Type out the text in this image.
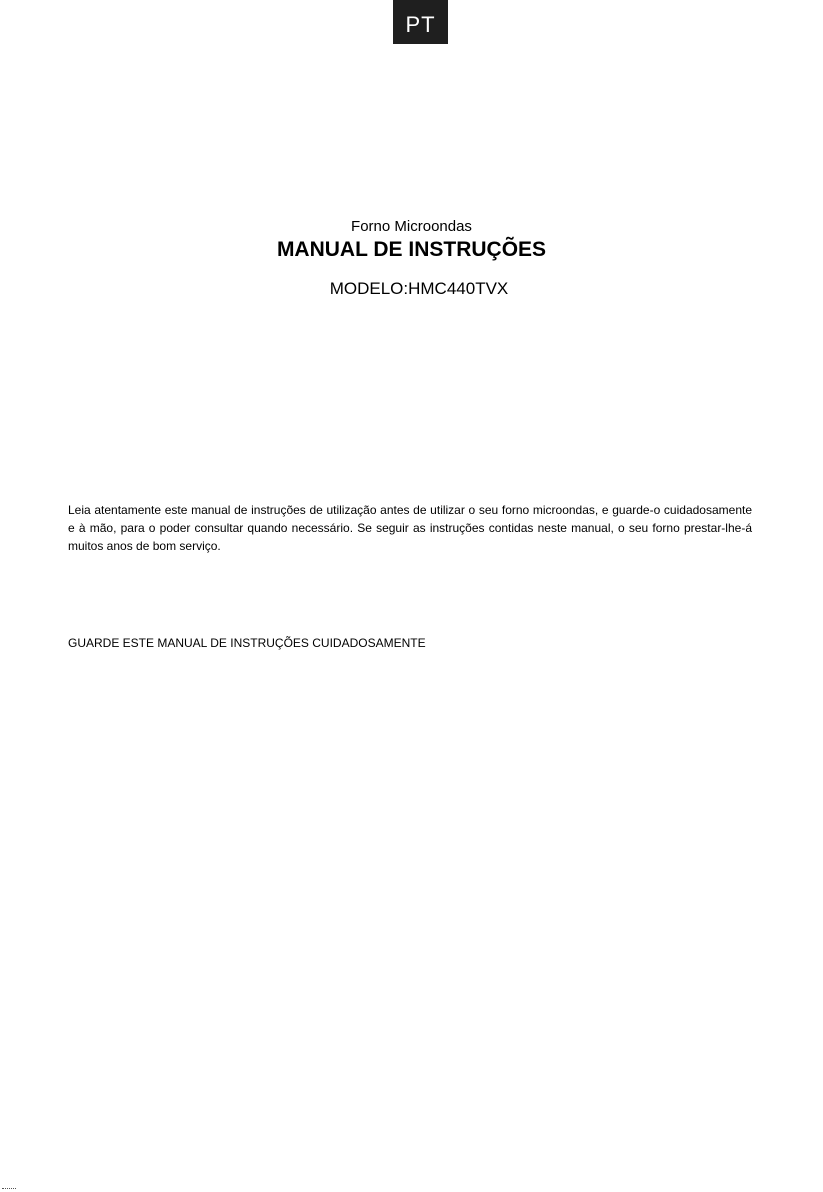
PT
Forno Microondas
MANUAL DE INSTRUÇÕES
MODELO:HMC440TVX

Leia atentamente este manual de instruções de utilização antes de utilizar o seu forno microondas, e guarde-o cuidadosamente e à mão, para o poder consultar quando necessário. Se seguir as instruções contidas neste manual, o seu forno prestar-lhe-á muitos anos de bom serviço.

GUARDE ESTE MANUAL DE INSTRUÇÕES CUIDADOSAMENTE
